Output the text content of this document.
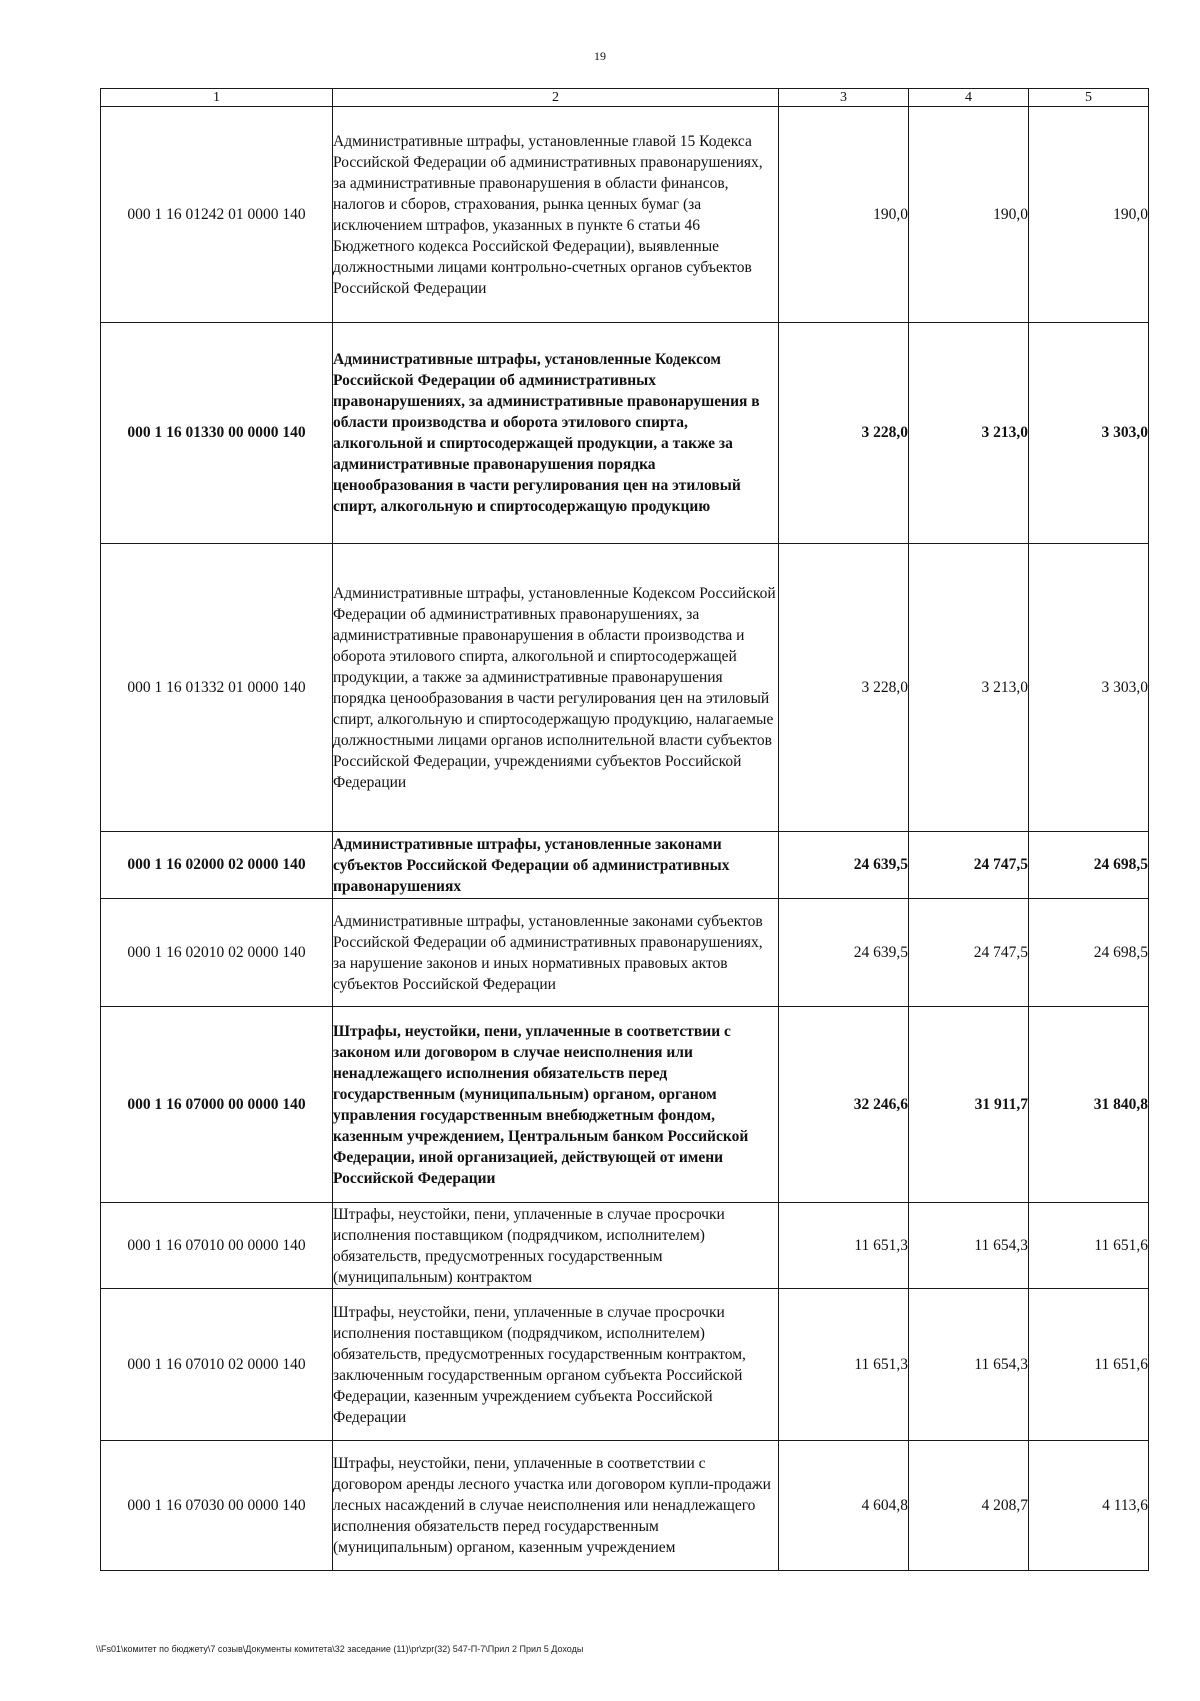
19
1	2	3	4	5
000 1 16 01242 01 0000 140	Административные штрафы, установленные главой 15 Кодекса Российской Федерации об административных правонарушениях, за административные правонарушения в области финансов, налогов и сборов, страхования, рынка ценных бумаг (за исключением штрафов, указанных в пункте 6 статьи 46 Бюджетного кодекса Российской Федерации), выявленные должностными лицами контрольно-счетных органов субъектов Российской Федерации	190,0	190,0	190,0
000 1 16 01330 00 0000 140	Административные штрафы, установленные Кодексом Российской Федерации об административных правонарушениях, за административные правонарушения в области производства и оборота этилового спирта, алкогольной и спиртосодержащей продукции, а также за административные правонарушения порядка ценообразования в части регулирования цен на этиловый спирт, алкогольную и спиртосодержащую продукцию	3 228,0	3 213,0	3 303,0
000 1 16 01332 01 0000 140	Административные штрафы, установленные Кодексом Российской Федерации об административных правонарушениях, за административные правонарушения в области производства и оборота этилового спирта, алкогольной и спиртосодержащей продукции, а также за административные правонарушения порядка ценообразования в части регулирования цен на этиловый спирт, алкогольную и спиртосодержащую продукцию, налагаемые должностными лицами органов исполнительной власти субъектов Российской Федерации, учреждениями субъектов Российской Федерации	3 228,0	3 213,0	3 303,0
000 1 16 02000 02 0000 140	Административные штрафы, установленные законами субъектов Российской Федерации об административных правонарушениях	24 639,5	24 747,5	24 698,5
000 1 16 02010 02 0000 140	Административные штрафы, установленные законами субъектов Российской Федерации об административных правонарушениях, за нарушение законов и иных нормативных правовых актов субъектов Российской Федерации	24 639,5	24 747,5	24 698,5
000 1 16 07000 00 0000 140	Штрафы, неустойки, пени, уплаченные в соответствии с законом или договором в случае неисполнения или ненадлежащего исполнения обязательств перед государственным (муниципальным) органом, органом управления государственным внебюджетным фондом, казенным учреждением, Центральным банком Российской Федерации, иной организацией, действующей от имени Российской Федерации	32 246,6	31 911,7	31 840,8
000 1 16 07010 00 0000 140	Штрафы, неустойки, пени, уплаченные в случае просрочки исполнения поставщиком (подрядчиком, исполнителем) обязательств, предусмотренных государственным (муниципальным) контрактом	11 651,3	11 654,3	11 651,6
000 1 16 07010 02 0000 140	Штрафы, неустойки, пени, уплаченные в случае просрочки исполнения поставщиком (подрядчиком, исполнителем) обязательств, предусмотренных государственным контрактом, заключенным государственным органом субъекта Российской Федерации, казенным учреждением субъекта Российской Федерации	11 651,3	11 654,3	11 651,6
000 1 16 07030 00 0000 140	Штрафы, неустойки, пени, уплаченные в соответствии с договором аренды лесного участка или договором купли-продажи лесных насаждений в случае неисполнения или ненадлежащего исполнения обязательств перед государственным (муниципальным) органом, казенным учреждением	4 604,8	4 208,7	4 113,6
\\Fs01\комитет по бюджету\7 созыв\Документы комитета\32 заседание (11)\pr\zpr(32) 547-П-7\Прил 2 Прил 5 Доходы
